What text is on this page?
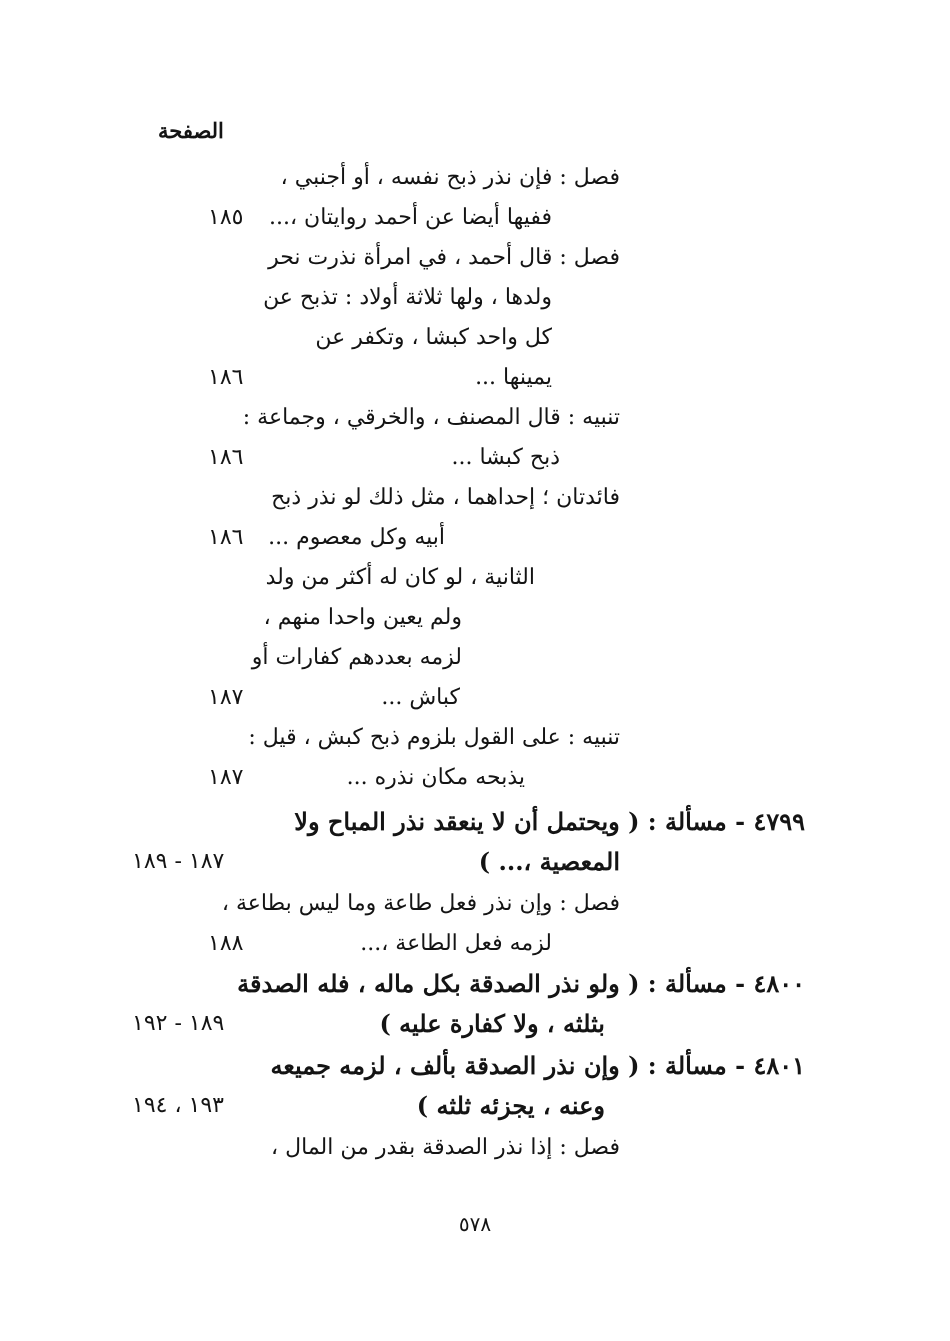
الصفحة
فصل : فإن نذر ذبح نفسه ، أو أجنبي ،
ففيها أيضا عن أحمد روايتان ،...
١٨٥
فصل : قال أحمد ، في امرأة نذرت نحر
ولدها ، ولها ثلاثة أولاد : تذبح عن
كل واحد كبشا ، وتكفر عن
يمينها ...
١٨٦
تنبيه : قال المصنف ، والخرقي ، وجماعة :
ذبح كبشا ...
١٨٦
فائدتان ؛ إحداهما ، مثل ذلك لو نذر ذبح
أبيه وكل معصوم ...
١٨٦
الثانية ، لو كان له أكثر من ولد
ولم يعين واحدا منهم ،
لزمه بعددهم كفارات أو
كباش ...
١٨٧
تنبيه : على القول بلزوم ذبح كبش ، قيل :
يذبحه مكان نذره ...
١٨٧
٤٧٩٩ - مسألة : ( ويحتمل أن لا ينعقد نذر المباح ولا
المعصية ،... )
١٨٧ - ١٨٩
فصل : وإن نذر فعل طاعة وما ليس بطاعة ،
لزمه فعل الطاعة ،...
١٨٨
٤٨٠٠ - مسألة : ( ولو نذر الصدقة بكل ماله ، فله الصدقة
بثلثه ، ولا كفارة عليه )
١٨٩ - ١٩٢
٤٨٠١ - مسألة : ( وإن نذر الصدقة بألف ، لزمه جميعه
وعنه ، يجزئه ثلثه )
١٩٣ ، ١٩٤
فصل : إذا نذر الصدقة بقدر من المال ،
٥٧٨
